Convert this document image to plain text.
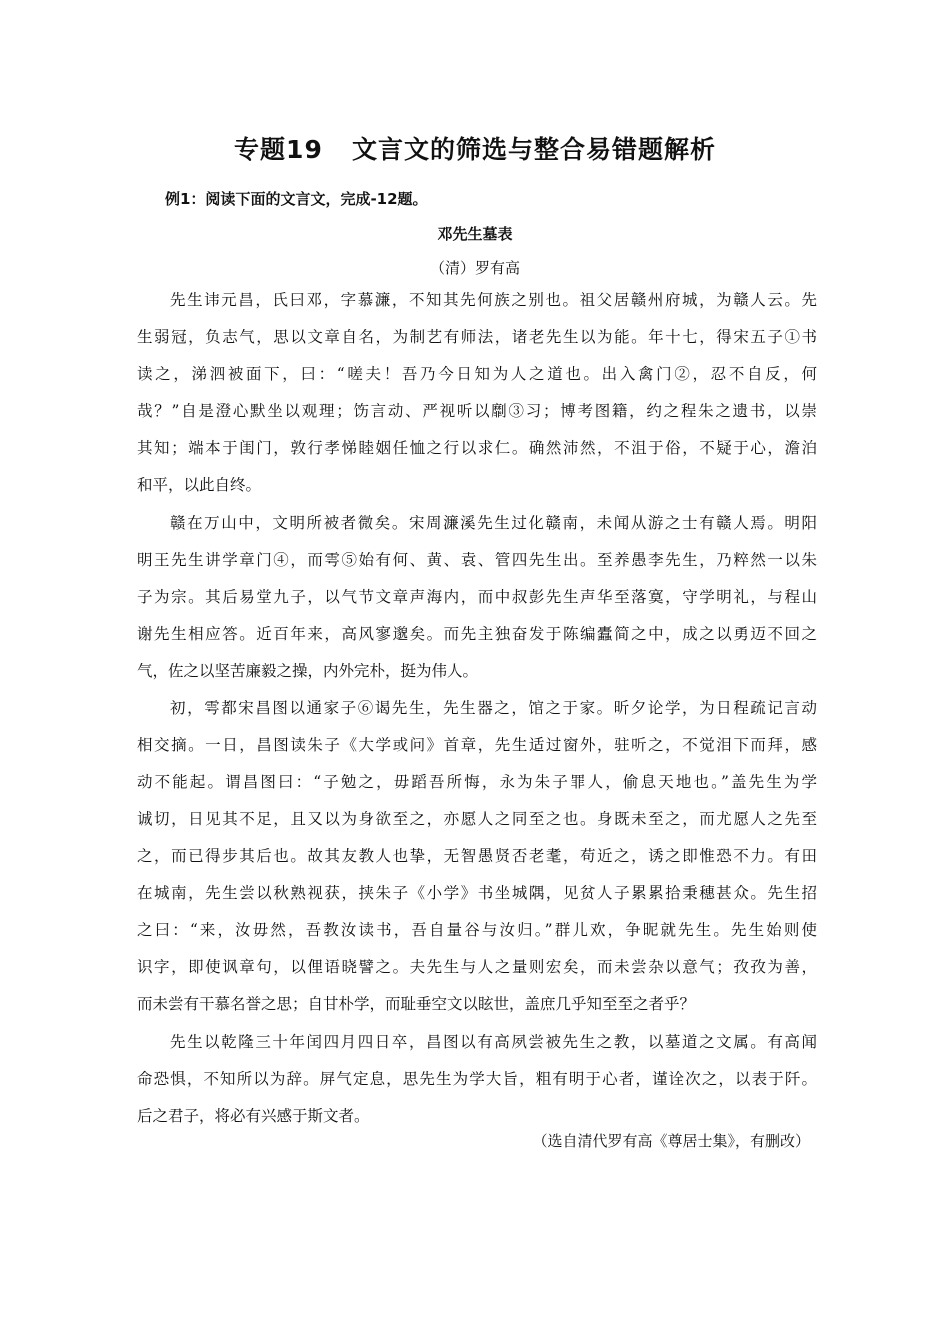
专题19   文言文的筛选与整合易错题解析
例1：阅读下面的文言文，完成-12题。
邓先生墓表
（清）罗有高
先生讳元昌，氏曰邓，字慕濂，不知其先何族之别也。祖父居赣州府城，为赣人云。先
生弱冠，负志气，思以文章自名，为制艺有师法，诸老先生以为能。年十七，得宋五子①书
读之，涕泗被面下，曰：“嗟夫！吾乃今日知为人之道也。出入禽门②，忍不自反，何
哉？”自是澄心默坐以观理；饬言动、严视听以劘③习；博考图籍，约之程朱之遗书，以崇
其知；端本于闺门，敦行孝悌睦姻任恤之行以求仁。确然沛然，不沮于俗，不疑于心，澹泊
和平，以此自终。
赣在万山中，文明所被者微矣。宋周濂溪先生过化赣南，未闻从游之士有赣人焉。明阳
明王先生讲学章门④，而雩⑤始有何、黄、袁、管四先生出。至养愚李先生，乃粹然一以朱
子为宗。其后易堂九子，以气节文章声海内，而中叔彭先生声华至落寞，守学明礼，与程山
谢先生相应答。近百年来，高风寥邈矣。而先主独奋发于陈编蠹简之中，成之以勇迈不回之
气，佐之以坚苦廉毅之操，内外完朴，挺为伟人。
初，雩都宋昌图以通家子⑥谒先生，先生器之，馆之于家。昕夕论学，为日程疏记言动
相交摘。一日，昌图读朱子《大学或问》首章，先生适过窗外，驻听之，不觉泪下而拜，感
动不能起。谓昌图曰：“子勉之，毋蹈吾所悔，永为朱子罪人，偷息天地也。”盖先生为学
诚切，日见其不足，且又以为身欲至之，亦愿人之同至之也。身既未至之，而尤愿人之先至
之，而已得步其后也。故其友教人也挚，无智愚贤否老耄，苟近之，诱之即惟恐不力。有田
在城南，先生尝以秋熟视获，挟朱子《小学》书坐城隅，见贫人子累累拾秉穗甚众。先生招
之曰：“来，汝毋然，吾教汝读书，吾自量谷与汝归。”群儿欢，争昵就先生。先生始则使
识字，即使讽章句，以俚语晓譬之。夫先生与人之量则宏矣，而未尝杂以意气；孜孜为善，
而未尝有干慕名誉之思；自甘朴学，而耻垂空文以眩世，盖庶几乎知至至之者乎？
先生以乾隆三十年闰四月四日卒，昌图以有高夙尝被先生之教，以墓道之文属。有高闻
命恐惧，不知所以为辞。屏气定息，思先生为学大旨，粗有明于心者，谨诠次之，以表于阡。
后之君子，将必有兴感于斯文者。
（选自清代罗有高《尊居士集》，有删改）
